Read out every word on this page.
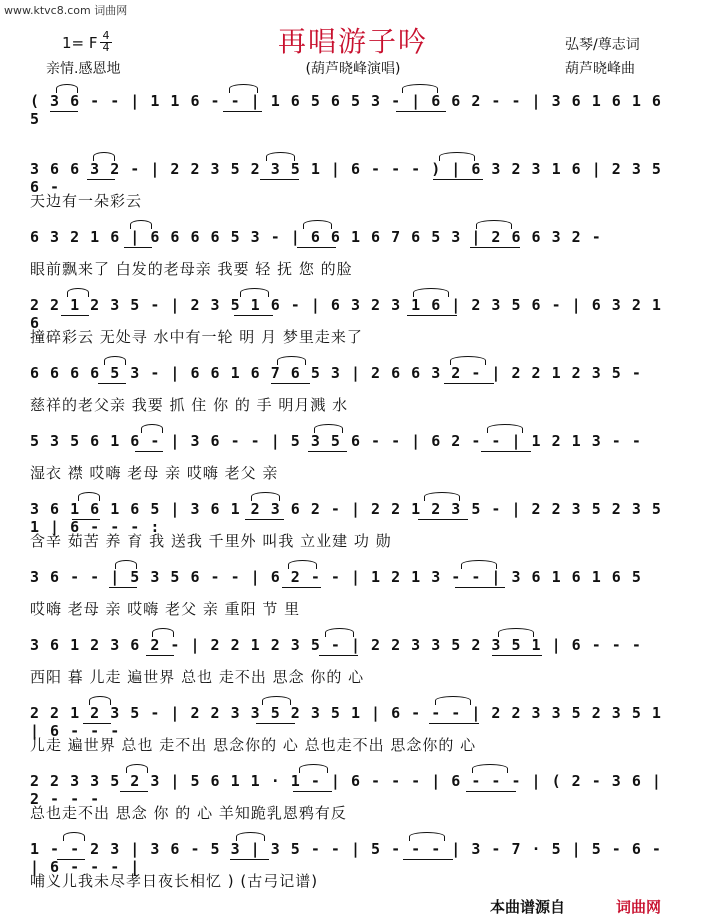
www.ktvc8.com 词曲网
再唱游子吟
1= F 4
4
亲情.感恩地	(葫芦晓峰演唱)
弘琴/尊志词
葫芦晓峰曲
( 3 6 - - | 1 1 6 - - | 1 6 5 6 5 3 - | 6 6 2 - - | 3 6 1 6 1 6 5
3 6 6 3 2 - | 2 2 3 5 2 3 5 1 | 6 - - - ) | 6 3 2 3 1 6 | 2 3 5 6 -
天边有一朵彩云
6 3 2 1 6 | 6 6 6 6 5 3 - | 6 6 1 6 7 6 5 3 | 2 6 6 3 2 -
眼前飘来了 白发的老母亲 我要 轻 抚 您 的脸
2 2 1 2 3 5 - | 2 3 5 1 6 - | 6 3 2 3 1 6 | 2 3 5 6 - | 6 3 2 1 6
撞碎彩云 无处寻 水中有一轮 明 月 梦里走来了
6 6 6 6 5 3 - | 6 6 1 6 7 6 5 3 | 2 6 6 3 2 - | 2 2 1 2 3 5 -
慈祥的老父亲 我要 抓 住 你 的 手 明月溅 水
5 3 5 6 1 6 - | 3 6 - - | 5 3 5 6 - - | 6 2 - - | 1 2 1 3 - -
湿衣 襟 哎嗨 老母 亲 哎嗨 老父 亲
3 6 1 6 1 6 5 | 3 6 1 2 3 6 2 - | 2 2 1 2 3 5 - | 2 2 3 5 2 3 5 1 | 6 - - - :
含辛 茹苦 养 育 我 送我 千里外 叫我 立业建 功 勋
3 6 - - | 5 3 5 6 - - | 6 2 - - | 1 2 1 3 - - | 3 6 1 6 1 6 5
哎嗨 老母 亲 哎嗨 老父 亲 重阳 节 里
3 6 1 2 3 6 2 - | 2 2 1 2 3 5 - | 2 2 3 3 5 2 3 5 1 | 6 - - -
西阳 暮 儿走 遍世界 总也 走不出 思念 你的 心
2 2 1 2 3 5 - | 2 2 3 3 5 2 3 5 1 | 6 - - - | 2 2 3 3 5 2 3 5 1 | 6 - - -
儿走 遍世界 总也 走不出 思念你的 心 总也走不出 思念你的 心
2 2 3 3 5 2 3 | 5 6 1 1 · 1 - | 6 - - - | 6 - - - | ( 2 - 3 6 | 2 - - -
总也走不出 思念 你 的 心 羊知跪乳恩鸦有反
1 - - 2 3 | 3 6 - 5 3 | 3 5 - - | 5 - - - | 3 - 7 · 5 | 5 - 6 - | 6 - - - |
哺义儿我未尽孝日夜长相忆 ) (古弓记谱)
本曲谱源自	词曲网
